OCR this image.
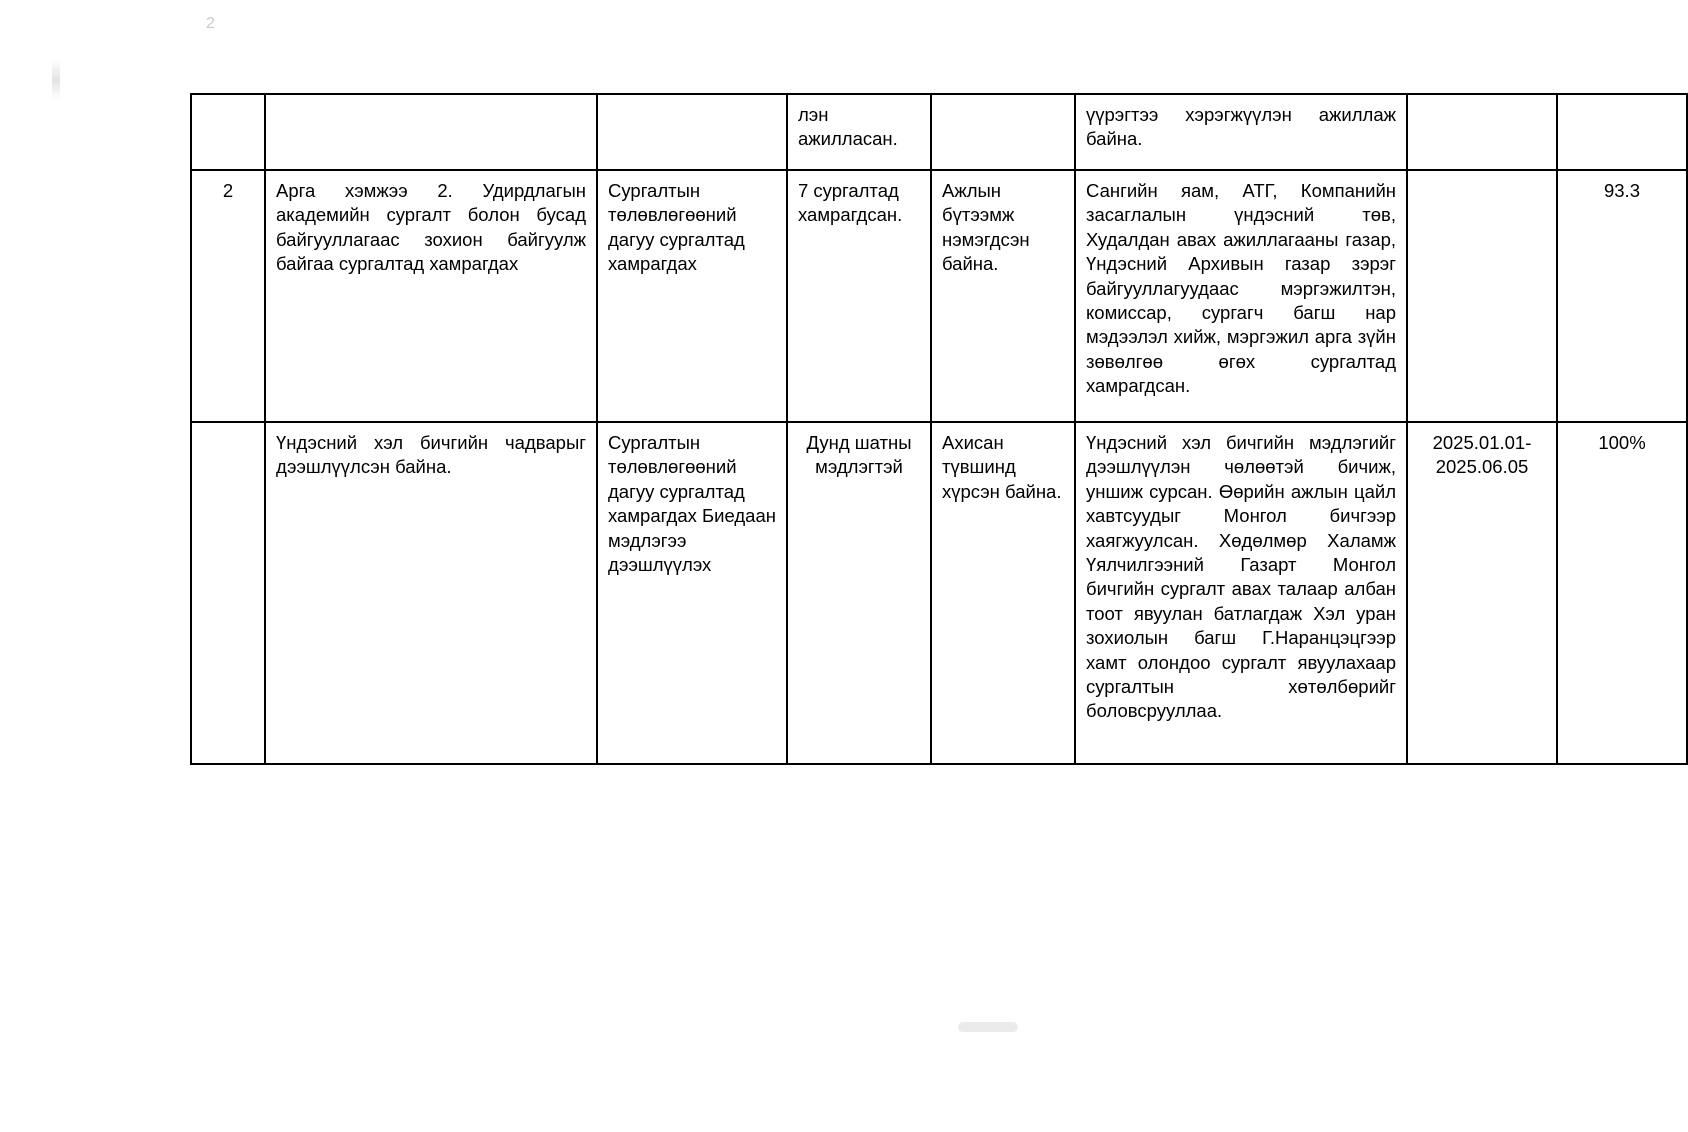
2
			лэн ажилласан.		үүрэгтээ хэрэгжүүлэн ажиллаж байна.		
2	Арга хэмжээ 2. Удирдлагын академийн сургалт болон бусад байгууллагаас зохион байгуулж байгаа сургалтад хамрагдах	Сургалтын төлөвлөгөөний дагуу сургалтад хамрагдах	7 сургалтад хамрагдсан.	Ажлын бүтээмж нэмэгдсэн байна.	Сангийн яам, АТГ, Компанийн засаглалын үндэсний төв, Худалдан авах ажиллагааны газар, Үндэсний Архивын газар зэрэг байгууллагуудаас мэргэжилтэн, комиссар, сургагч багш нар мэдээлэл хийж, мэргэжил арга зүйн зөвөлгөө өгөх сургалтад хамрагдсан.		93.3
	Үндэсний хэл бичгийн чадварыг дээшлүүлсэн байна.	Сургалтын төлөвлөгөөний дагуу сургалтад хамрагдах Биедаан мэдлэгээ дээшлүүлэх	Дунд шатны мэдлэгтэй	Ахисан түвшинд хүрсэн байна.	Үндэсний хэл бичгийн мэдлэгийг дээшлүүлэн чөлөөтэй бичиж, уншиж сурсан. Өөрийн ажлын цайл хавтсуудыг Монгол бичгээр хаягжуулсан. Хөдөлмөр Халамж Үялчилгээний Газарт Монгол бичгийн сургалт авах талаар албан тоот явуулан батлагдаж Хэл уран зохиолын багш Г.Наранцэцгээр хамт олондоо сургалт явуулахаар сургалтын хөтөлбөрийг боловсрууллаа.	2025.01.01-2025.06.05	100%
